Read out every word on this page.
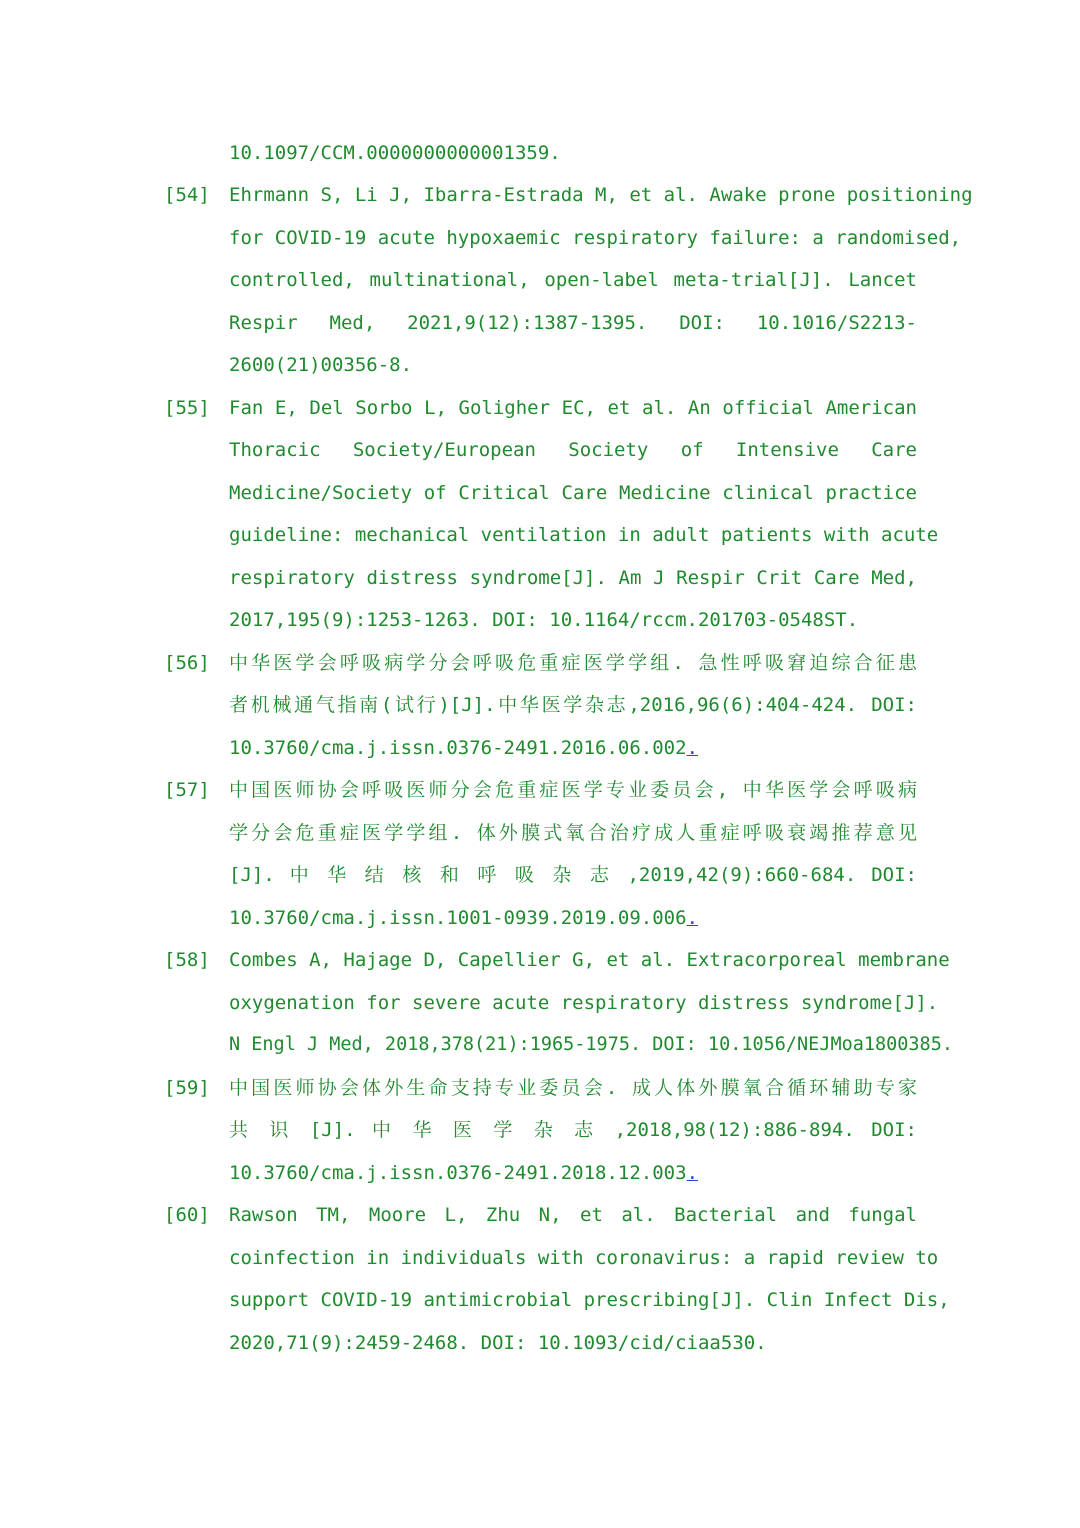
10.1097/CCM.0000000000001359.
[54] Ehrmann S, Li J, Ibarra-Estrada M, et al. Awake prone positioning
for COVID-19 acute hypoxaemic respiratory failure: a randomised,
controlled, multinational, open-label meta-trial[J]. Lancet
Respir Med, 2021,9(12):1387-1395. DOI: 10.1016/S2213-
2600(21)00356-8.
[55] Fan E, Del Sorbo L, Goligher EC, et al. An official American
Thoracic Society/European Society of Intensive Care
Medicine/Society of Critical Care Medicine clinical practice
guideline: mechanical ventilation in adult patients with acute
respiratory distress syndrome[J]. Am J Respir Crit Care Med,
2017,195(9):1253-1263. DOI: 10.1164/rccm.201703-0548ST.
[56] 中华医学会呼吸病学分会呼吸危重症医学学组. 急性呼吸窘迫综合征患
者机械通气指南(试行)[J].中华医学杂志,2016,96(6):404-424. DOI:
10.3760/cma.j.issn.0376-2491.2016.06.002.
[57] 中国医师协会呼吸医师分会危重症医学专业委员会, 中华医学会呼吸病
学分会危重症医学学组. 体外膜式氧合治疗成人重症呼吸衰竭推荐意见
[J]. 中 华 结 核 和 呼 吸 杂 志 ,2019,42(9):660-684. DOI:
10.3760/cma.j.issn.1001-0939.2019.09.006.
[58] Combes A, Hajage D, Capellier G, et al. Extracorporeal membrane
oxygenation for severe acute respiratory distress syndrome[J].
N Engl J Med, 2018,378(21):1965-1975. DOI: 10.1056/NEJMoa1800385.
[59] 中国医师协会体外生命支持专业委员会. 成人体外膜氧合循环辅助专家
共 识 [J]. 中 华 医 学 杂 志 ,2018,98(12):886-894. DOI:
10.3760/cma.j.issn.0376-2491.2018.12.003.
[60] Rawson TM, Moore L, Zhu N, et al. Bacterial and fungal
coinfection in individuals with coronavirus: a rapid review to
support COVID-19 antimicrobial prescribing[J]. Clin Infect Dis,
2020,71(9):2459-2468. DOI: 10.1093/cid/ciaa530.
